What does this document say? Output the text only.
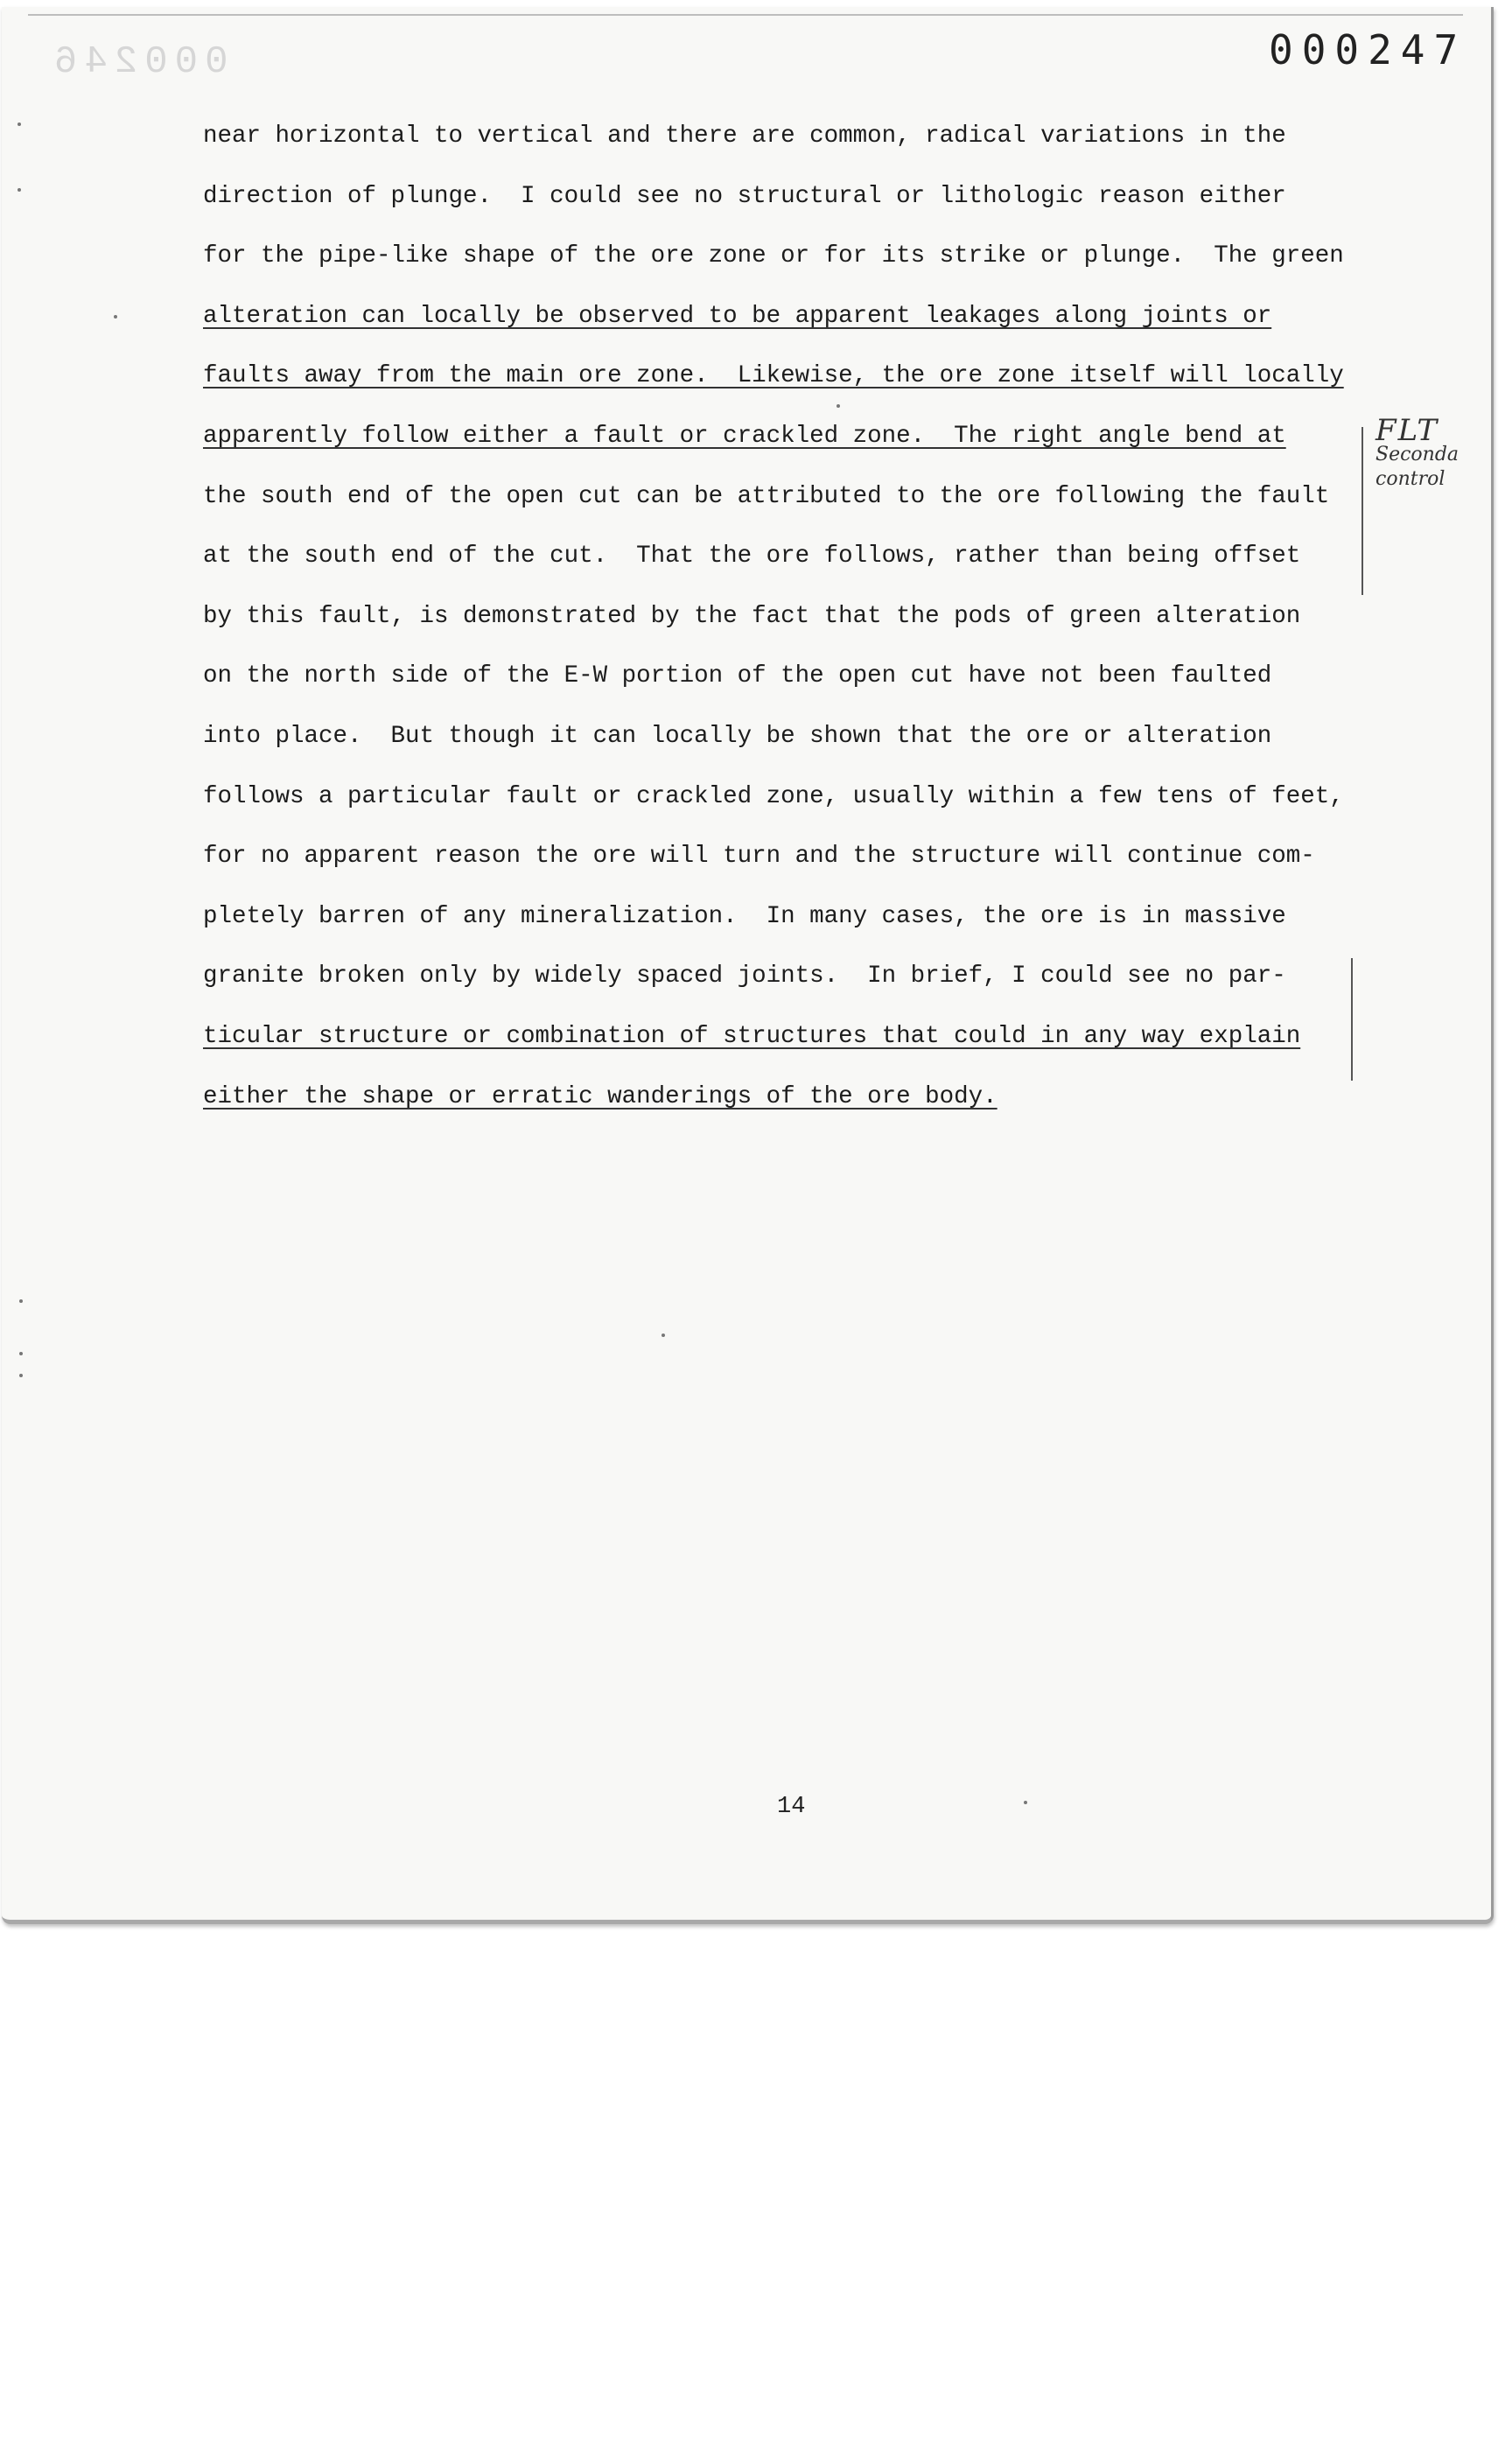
000246	000247
near horizontal to vertical and there are common, radical variations in the
direction of plunge.  I could see no structural or lithologic reason either
for the pipe-like shape of the ore zone or for its strike or plunge.  The green
alteration can locally be observed to be apparent leakages along joints or
faults away from the main ore zone.  Likewise, the ore zone itself will locally
apparently follow either a fault or crackled zone.  The right angle bend at
the south end of the open cut can be attributed to the ore following the fault
at the south end of the cut.  That the ore follows, rather than being offset
by this fault, is demonstrated by the fact that the pods of green alteration
on the north side of the E-W portion of the open cut have not been faulted
into place.  But though it can locally be shown that the ore or alteration
follows a particular fault or crackled zone, usually within a few tens of feet,
for no apparent reason the ore will turn and the structure will continue com-
pletely barren of any mineralization.  In many cases, the ore is in massive
granite broken only by widely spaced joints.  In brief, I could see no par-
ticular structure or combination of structures that could in any way explain
either the shape or erratic wanderings of the ore body.
FLT
Seconda
control
14
